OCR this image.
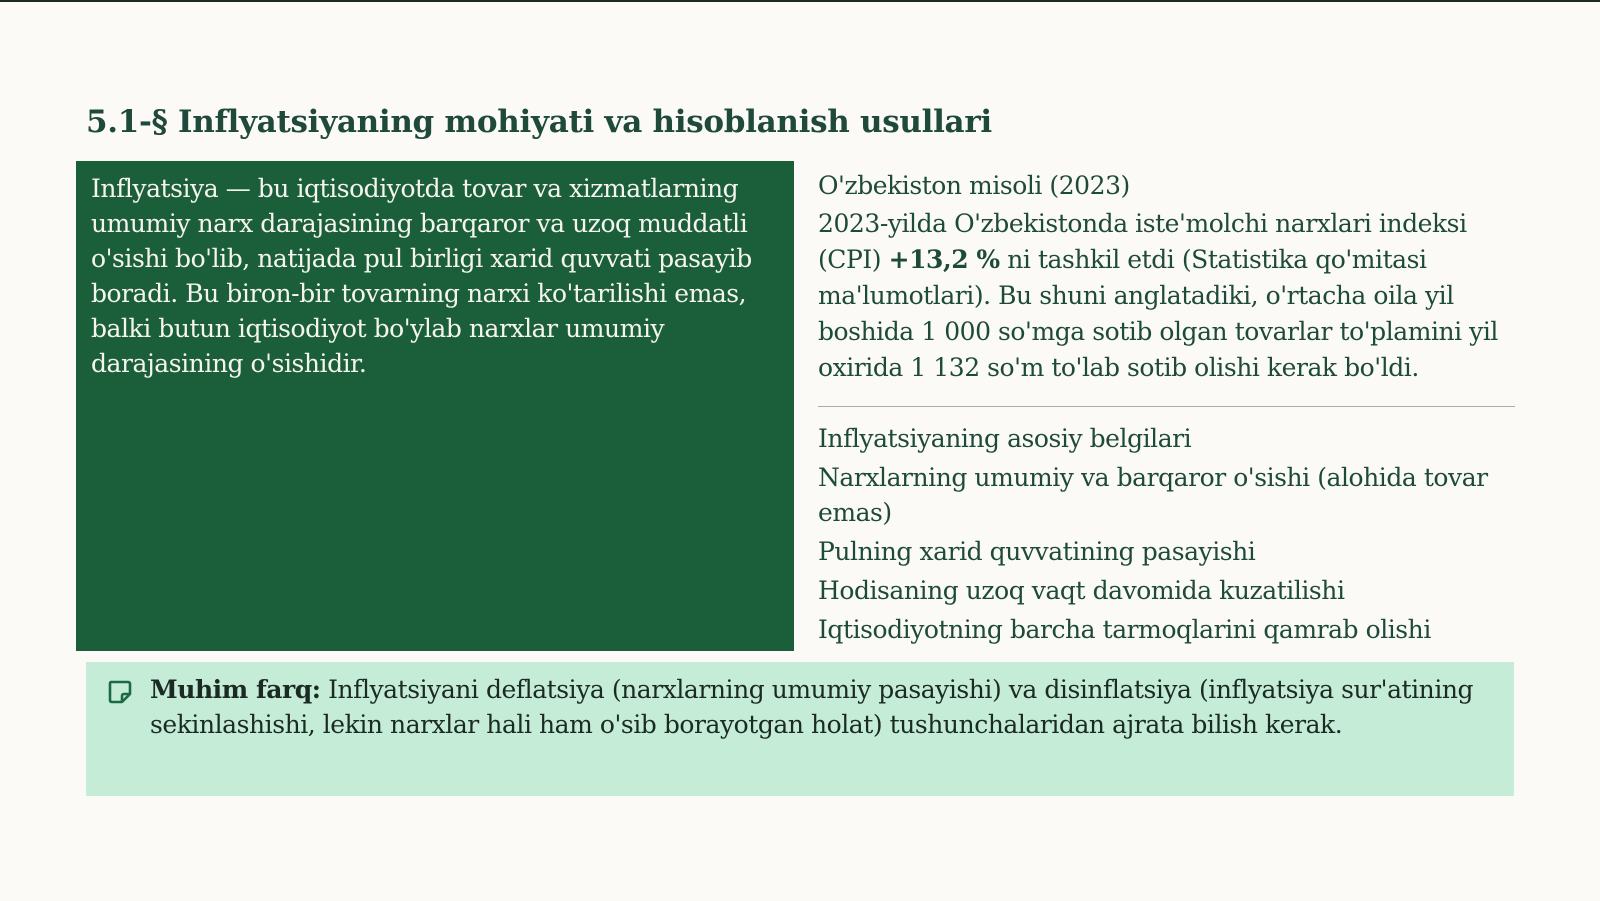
5.1-§ Inflyatsiyaning mohiyati va hisoblanish usullari

Inflyatsiya — bu iqtisodiyotda tovar va xizmatlarning umumiy narx darajasining barqaror va uzoq muddatli o'sishi bo'lib, natijada pul birligi xarid quvvati pasayib boradi. Bu biron-bir tovarning narxi ko'tarilishi emas, balki butun iqtisodiyot bo'ylab narxlar umumiy darajasining o'sishidir.

O'zbekiston misoli (2023)

2023-yilda O'zbekistonda iste'molchi narxlari indeksi (CPI) +13,2 % ni tashkil etdi (Statistika qo'mitasi ma'lumotlari). Bu shuni anglatadiki, o'rtacha oila yil boshida 1 000 so'mga sotib olgan tovarlar to'plamini yil oxirida 1 132 so'm to'lab sotib olishi kerak bo'ldi.

Inflyatsiyaning asosiy belgilari
Narxlarning umumiy va barqaror o'sishi (alohida tovar emas)
Pulning xarid quvvatining pasayishi
Hodisaning uzoq vaqt davomida kuzatilishi
Iqtisodiyotning barcha tarmoqlarini qamrab olishi

Muhim farq: Inflyatsiyani deflatsiya (narxlarning umumiy pasayishi) va disinflatsiya (inflyatsiya sur'atining sekinlashishi, lekin narxlar hali ham o'sib borayotgan holat) tushunchalaridan ajrata bilish kerak.
